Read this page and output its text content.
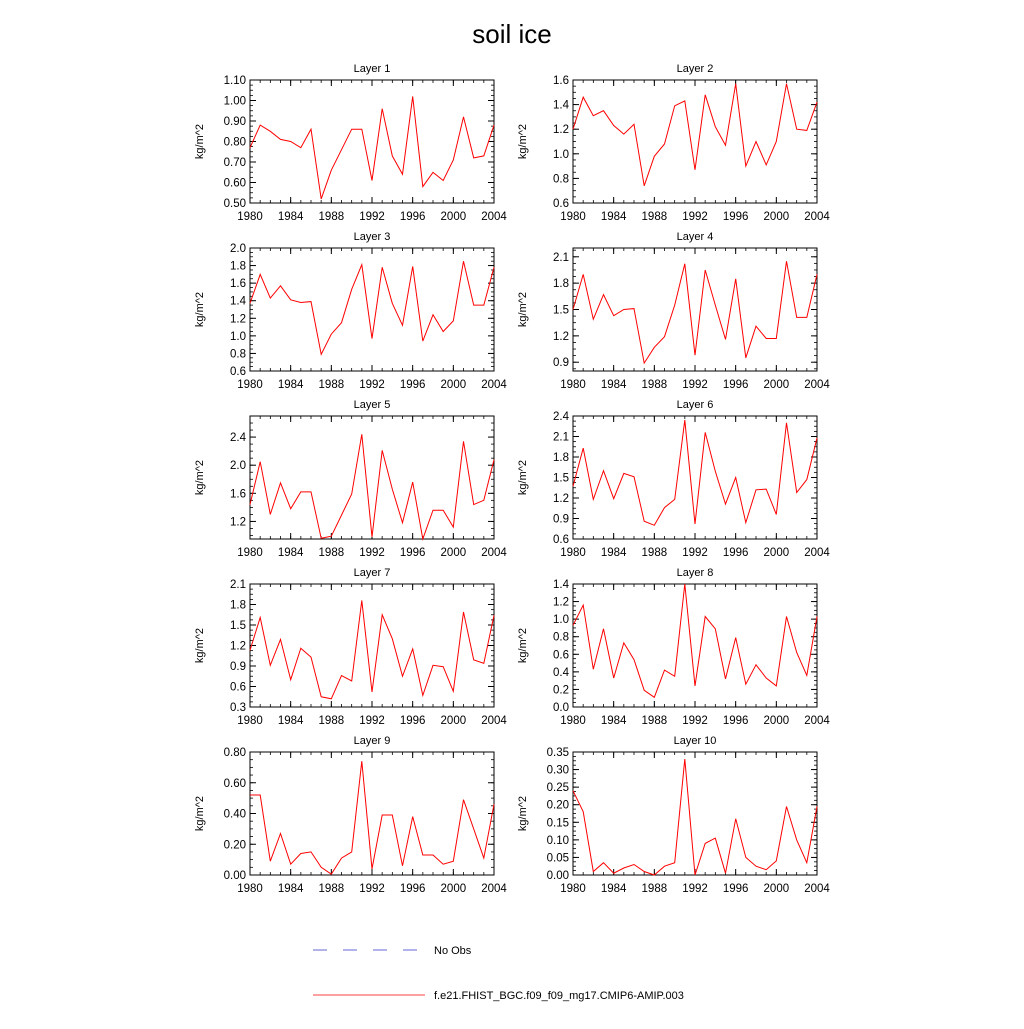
soil ice
Layer 1
kg/m^2
1980 1984 1988 1992 1996 2000 2004
0.50
0.60
0.70
0.80
0.90
1.00
1.10
Layer 2
kg/m^2
1980 1984 1988 1992 1996 2000 2004
0.6
0.8
1.0
1.2
1.4
1.6
Layer 3
kg/m^2
1980 1984 1988 1992 1996 2000 2004
0.6
0.8
1.0
1.2
1.4
1.6
1.8
2.0
Layer 4
kg/m^2
1980 1984 1988 1992 1996 2000 2004
0.9
1.2
1.5
1.8
2.1
Layer 5
kg/m^2
1980 1984 1988 1992 1996 2000 2004
1.2
1.6
2.0
2.4
Layer 6
kg/m^2
1980 1984 1988 1992 1996 2000 2004
0.6
0.9
1.2
1.5
1.8
2.1
2.4
Layer 7
kg/m^2
1980 1984 1988 1992 1996 2000 2004
0.3
0.6
0.9
1.2
1.5
1.8
2.1
Layer 8
kg/m^2
1980 1984 1988 1992 1996 2000 2004
0.0
0.2
0.4
0.6
0.8
1.0
1.2
1.4
Layer 9
kg/m^2
1980 1984 1988 1992 1996 2000 2004
0.00
0.20
0.40
0.60
0.80
Layer 10
kg/m^2
1980 1984 1988 1992 1996 2000 2004
0.00
0.05
0.10
0.15
0.20
0.25
0.30
0.35
No Obs
f.e21.FHIST_BGC.f09_f09_mg17.CMIP6-AMIP.003
